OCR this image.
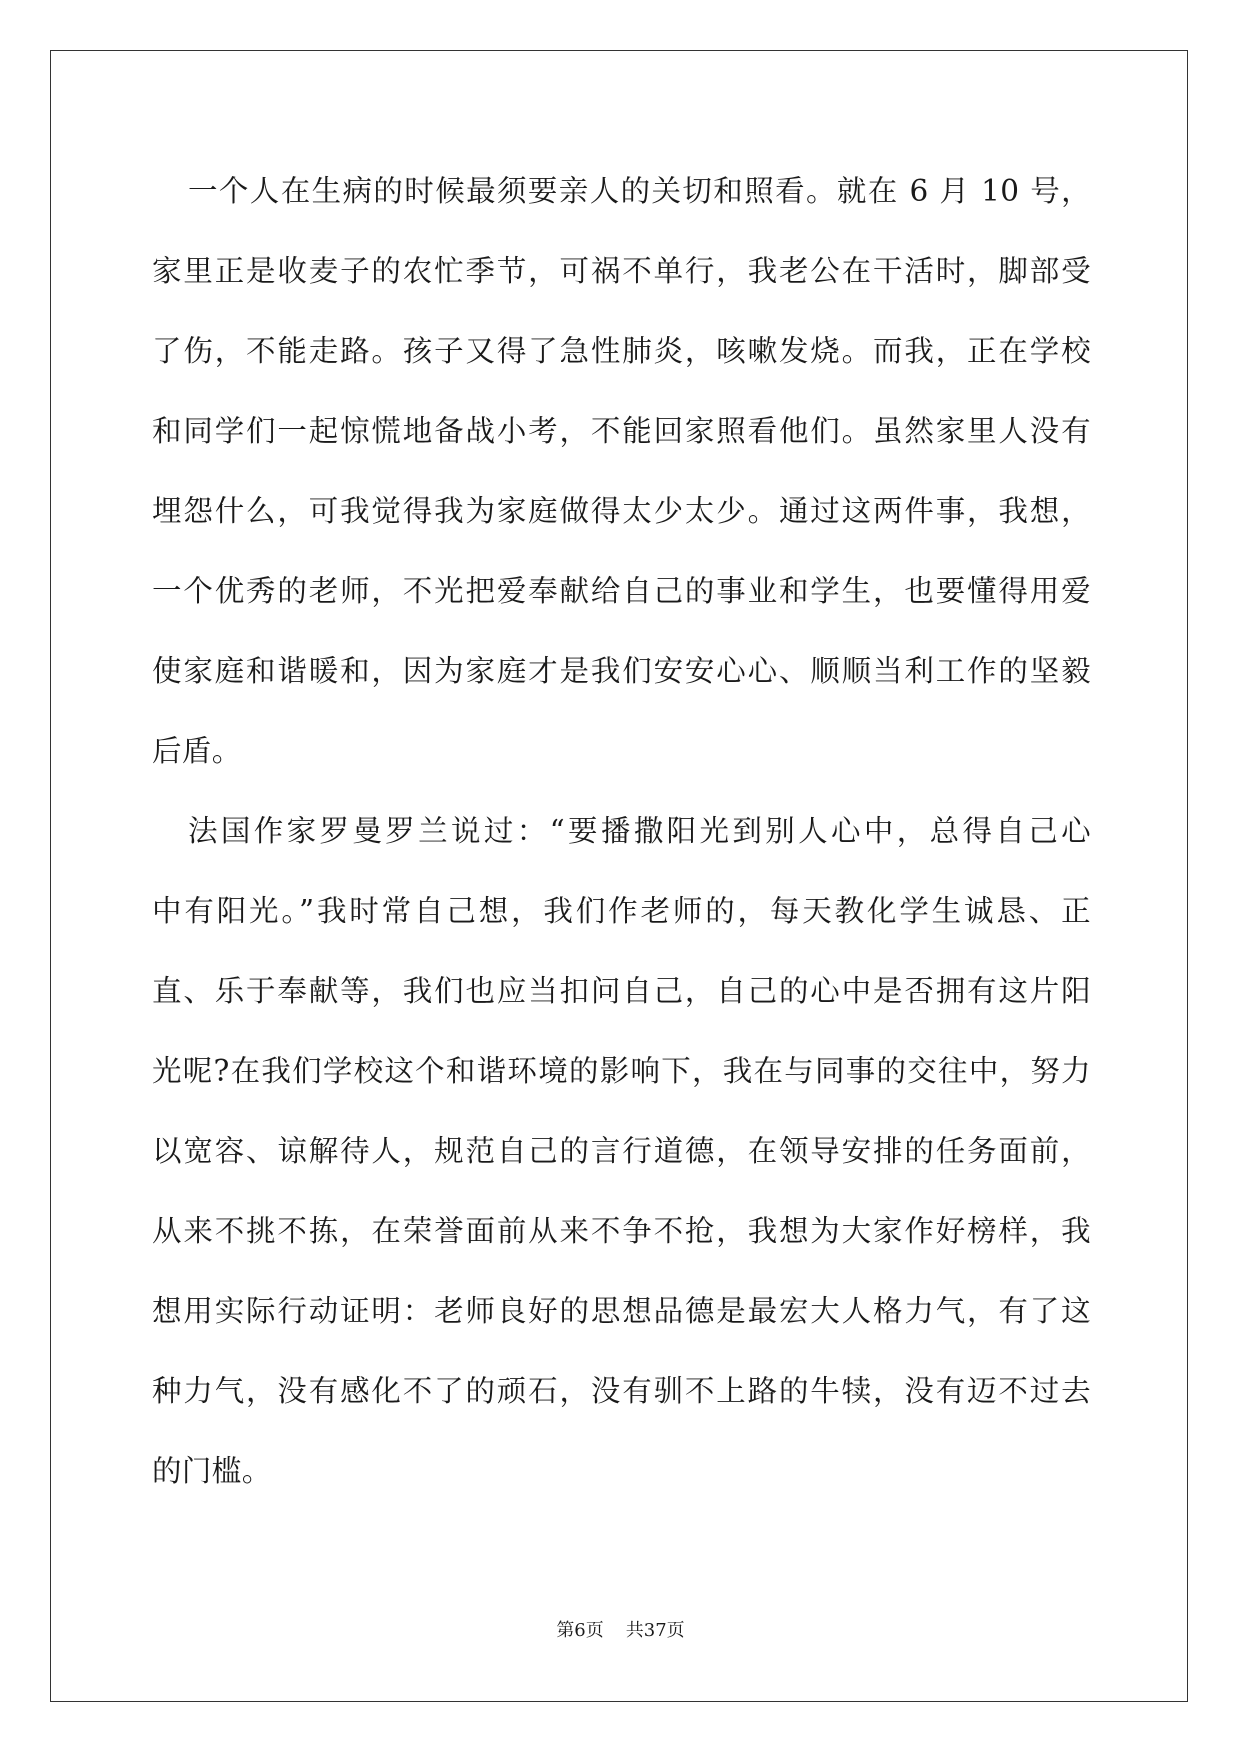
一个人在生病的时候最须要亲人的关切和照看。就在 6 月 10 号，
家里正是收麦子的农忙季节，可祸不单行，我老公在干活时，脚部受
了伤，不能走路。孩子又得了急性肺炎，咳嗽发烧。而我，正在学校
和同学们一起惊慌地备战小考，不能回家照看他们。虽然家里人没有
埋怨什么，可我觉得我为家庭做得太少太少。通过这两件事，我想，
一个优秀的老师，不光把爱奉献给自己的事业和学生，也要懂得用爱
使家庭和谐暖和，因为家庭才是我们安安心心、顺顺当利工作的坚毅
后盾。
法国作家罗曼罗兰说过：“要播撒阳光到别人心中，总得自己心
中有阳光。”我时常自己想，我们作老师的，每天教化学生诚恳、正
直、乐于奉献等，我们也应当扣问自己，自己的心中是否拥有这片阳
光呢?在我们学校这个和谐环境的影响下，我在与同事的交往中，努力
以宽容、谅解待人，规范自己的言行道德，在领导安排的任务面前，
从来不挑不拣，在荣誉面前从来不争不抢，我想为大家作好榜样，我
想用实际行动证明：老师良好的思想品德是最宏大人格力气，有了这
种力气，没有感化不了的顽石，没有驯不上路的牛犊，没有迈不过去
的门槛。
第6页 共37页
